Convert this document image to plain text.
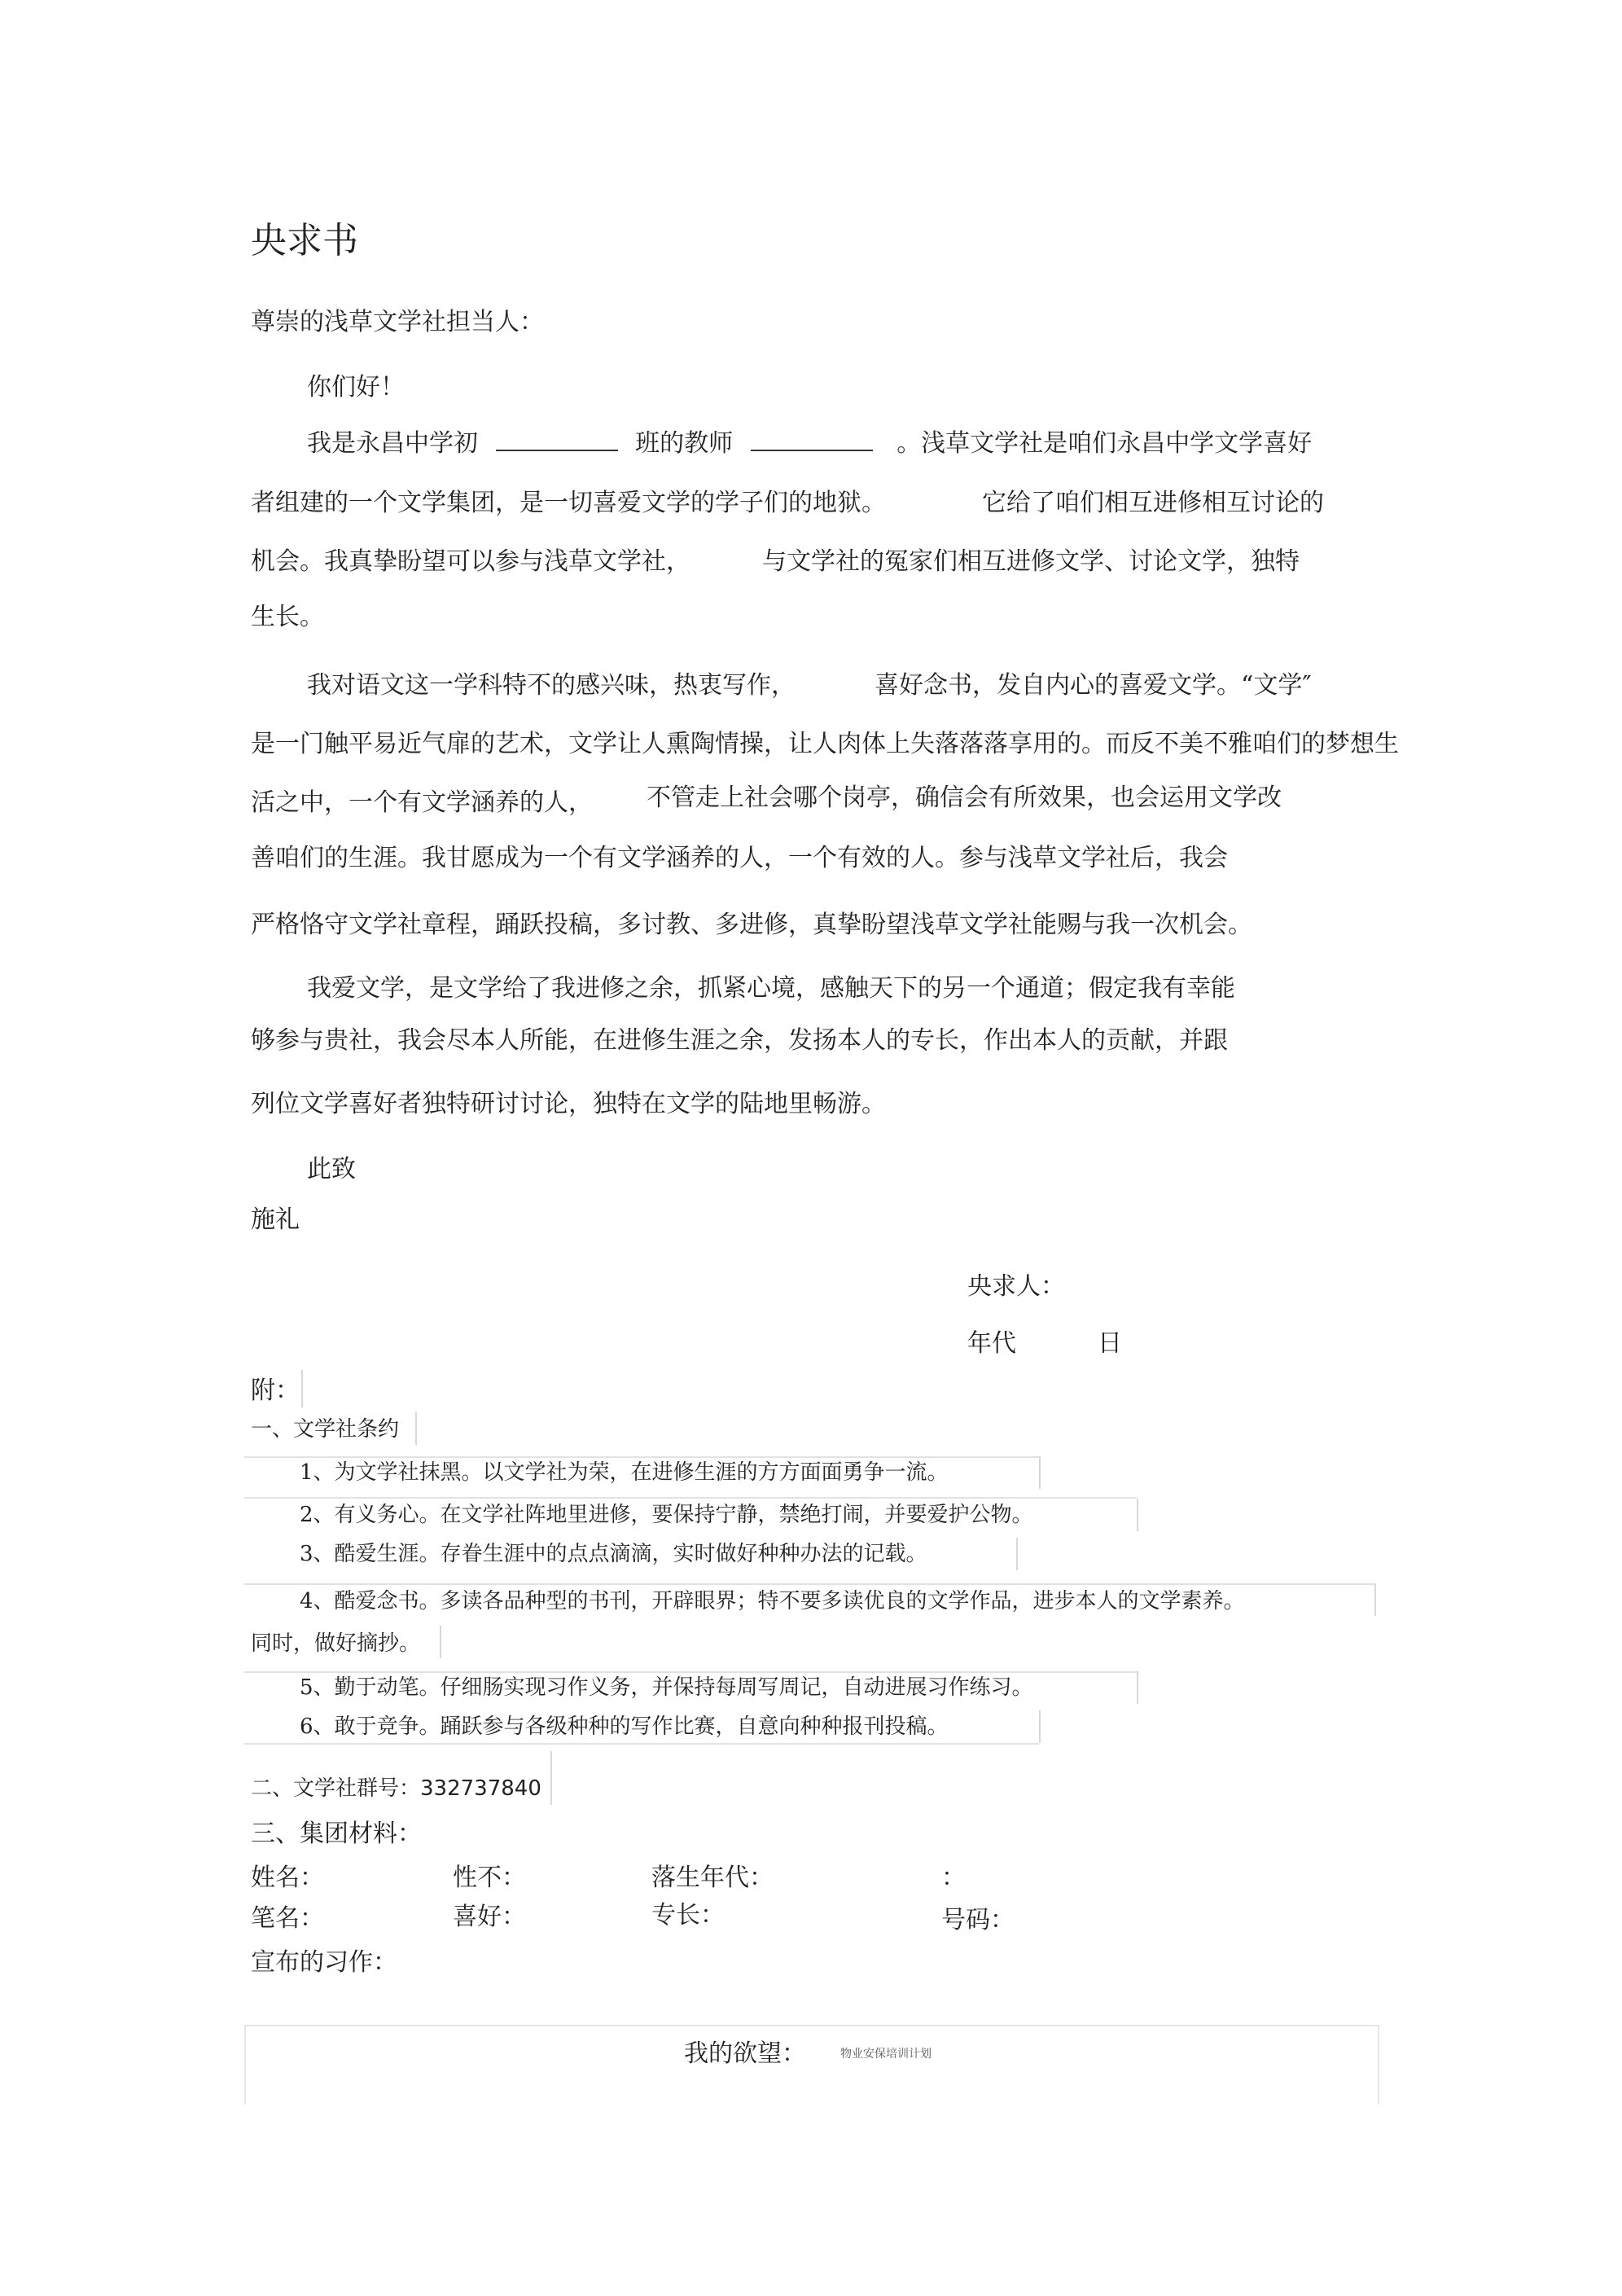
央求书
尊崇的浅草文学社担当人：
你们好！
我是永昌中学初	班的教师	。浅草文学社是咱们永昌中学文学喜好
者组建的一个文学集团，是一切喜爱文学的学子们的地狱。	它给了咱们相互进修相互讨论的
机会。我真挚盼望可以参与浅草文学社，	与文学社的冤家们相互进修文学、讨论文学，独特
生长。
我对语文这一学科特不的感兴味，热衷写作，	喜好念书，发自内心的喜爱文学。“文学″
是一门触平易近气扉的艺术，文学让人熏陶情操，让人肉体上失落落落享用的。而反不美不雅咱们的梦想生
活之中，一个有文学涵养的人， 不管走上社会哪个岗亭，确信会有所效果，也会运用文学改
善咱们的生涯。我甘愿成为一个有文学涵养的人，一个有效的人。参与浅草文学社后，我会
严格恪守文学社章程，踊跃投稿，多讨教、多进修，真挚盼望浅草文学社能赐与我一次机会。
我爱文学，是文学给了我进修之余，抓紧心境，感触天下的另一个通道；假定我有幸能
够参与贵社，我会尽本人所能，在进修生涯之余，发扬本人的专长，作出本人的贡献，并跟
列位文学喜好者独特研讨讨论，独特在文学的陆地里畅游。
此致
施礼
央求人：
年代	日
附：
一、文学社条约
1、为文学社抹黑。以文学社为荣，在进修生涯的方方面面勇争一流。
2、有义务心。在文学社阵地里进修，要保持宁静，禁绝打闹，并要爱护公物。
3、酷爱生涯。存眷生涯中的点点滴滴，实时做好种种办法的记载。
4、酷爱念书。多读各品种型的书刊，开辟眼界；特不要多读优良的文学作品，进步本人的文学素养。
同时，做好摘抄。
5、勤于动笔。仔细肠实现习作义务，并保持每周写周记，自动进展习作练习。
6、敢于竞争。踊跃参与各级种种的写作比赛，自意向种种报刊投稿。
二、文学社群号：332737840
三、集团材料：
姓名：	性不：	落生年代：	：
笔名：	喜好：	专长：	号码：
宣布的习作：
我的欲望：	物业安保培训计划
